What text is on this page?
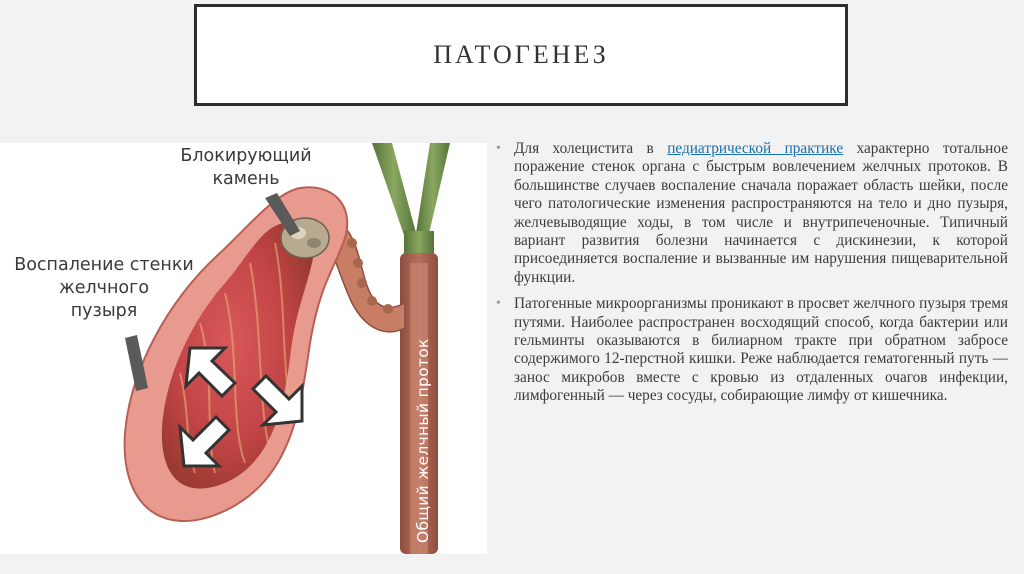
ПАТОГЕНЕЗ
Общий желчный проток
Блокирующий
камень
Воспаление стенки
желчного
пузыря
• Для холецистита в педиатрической практике характерно тотальное поражение стенок органа с быстрым вовлечением желчных протоков. В большинстве случаев воспаление сначала поражает область шейки, после чего патологические изменения распространяются на тело и дно пузыря, желчевыводящие ходы, в том числе и внутрипеченочные. Типичный вариант развития болезни начинается с дискинезии, к которой присоединяется воспаление и вызванные им нарушения пищеварительной функции.
• Патогенные микроорганизмы проникают в просвет желчного пузыря тремя путями. Наиболее распространен восходящий способ, когда бактерии или гельминты оказываются в билиарном тракте при обратном забросе содержимого 12-перстной кишки. Реже наблюдается гематогенный путь — занос микробов вместе с кровью из отдаленных очагов инфекции, лимфогенный — через сосуды, собирающие лимфу от кишечника.
